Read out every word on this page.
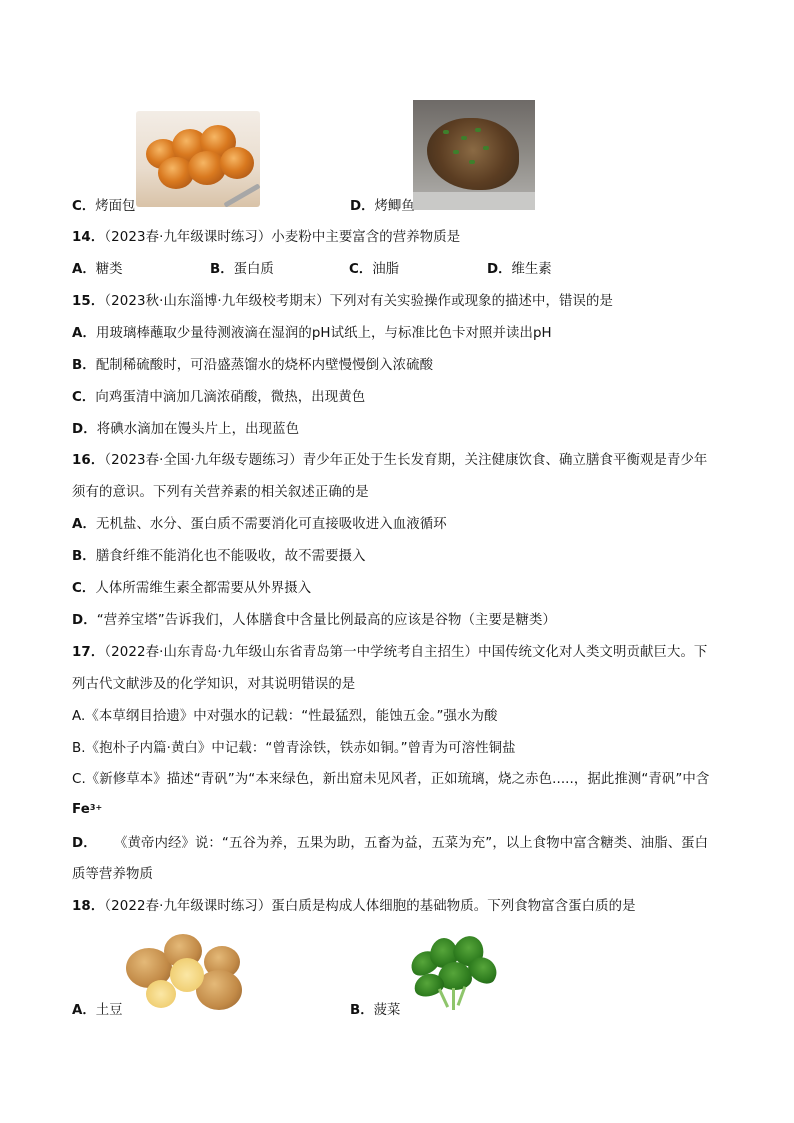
C．烤面包	D．烤鲫鱼
14．（2023春·九年级课时练习）小麦粉中主要富含的营养物质是
A．糖类	B．蛋白质	C．油脂	D．维生素
15．（2023秋·山东淄博·九年级校考期末）下列对有关实验操作或现象的描述中，错误的是
A．用玻璃棒蘸取少量待测液滴在湿润的pH试纸上，与标准比色卡对照并读出pH
B．配制稀硫酸时，可沿盛蒸馏水的烧杯内壁慢慢倒入浓硫酸
C．向鸡蛋清中滴加几滴浓硝酸，微热，出现黄色
D．将碘水滴加在馒头片上，出现蓝色
16．（2023春·全国·九年级专题练习）青少年正处于生长发育期，关注健康饮食、确立膳食平衡观是青少年
须有的意识。下列有关营养素的相关叙述正确的是
A．无机盐、水分、蛋白质不需要消化可直接吸收进入血液循环
B．膳食纤维不能消化也不能吸收，故不需要摄入
C．人体所需维生素全都需要从外界摄入
D．“营养宝塔”告诉我们，人体膳食中含量比例最高的应该是谷物（主要是糖类）
17．（2022春·山东青岛·九年级山东省青岛第一中学统考自主招生）中国传统文化对人类文明贡献巨大。下
列古代文献涉及的化学知识，对其说明错误的是
A.《本草纲目拾遗》中对强水的记载：“性最猛烈，能蚀五金。”强水为酸
B.《抱朴子内篇·黄白》中记载：“曾青涂铁，铁赤如铜。”曾青为可溶性铜盐
C.《新修草本》描述“青矾”为“本来绿色，新出窟未见风者，正如琉璃，烧之赤色.....，据此推测“青矾”中含
$Fe^{3+}$
D． 《黄帝内经》说：“五谷为养，五果为助，五畜为益，五菜为充”，以上食物中富含糖类、油脂、蛋白
质等营养物质
18．（2022春·九年级课时练习）蛋白质是构成人体细胞的基础物质。下列食物富含蛋白质的是
A．土豆	B．菠菜
